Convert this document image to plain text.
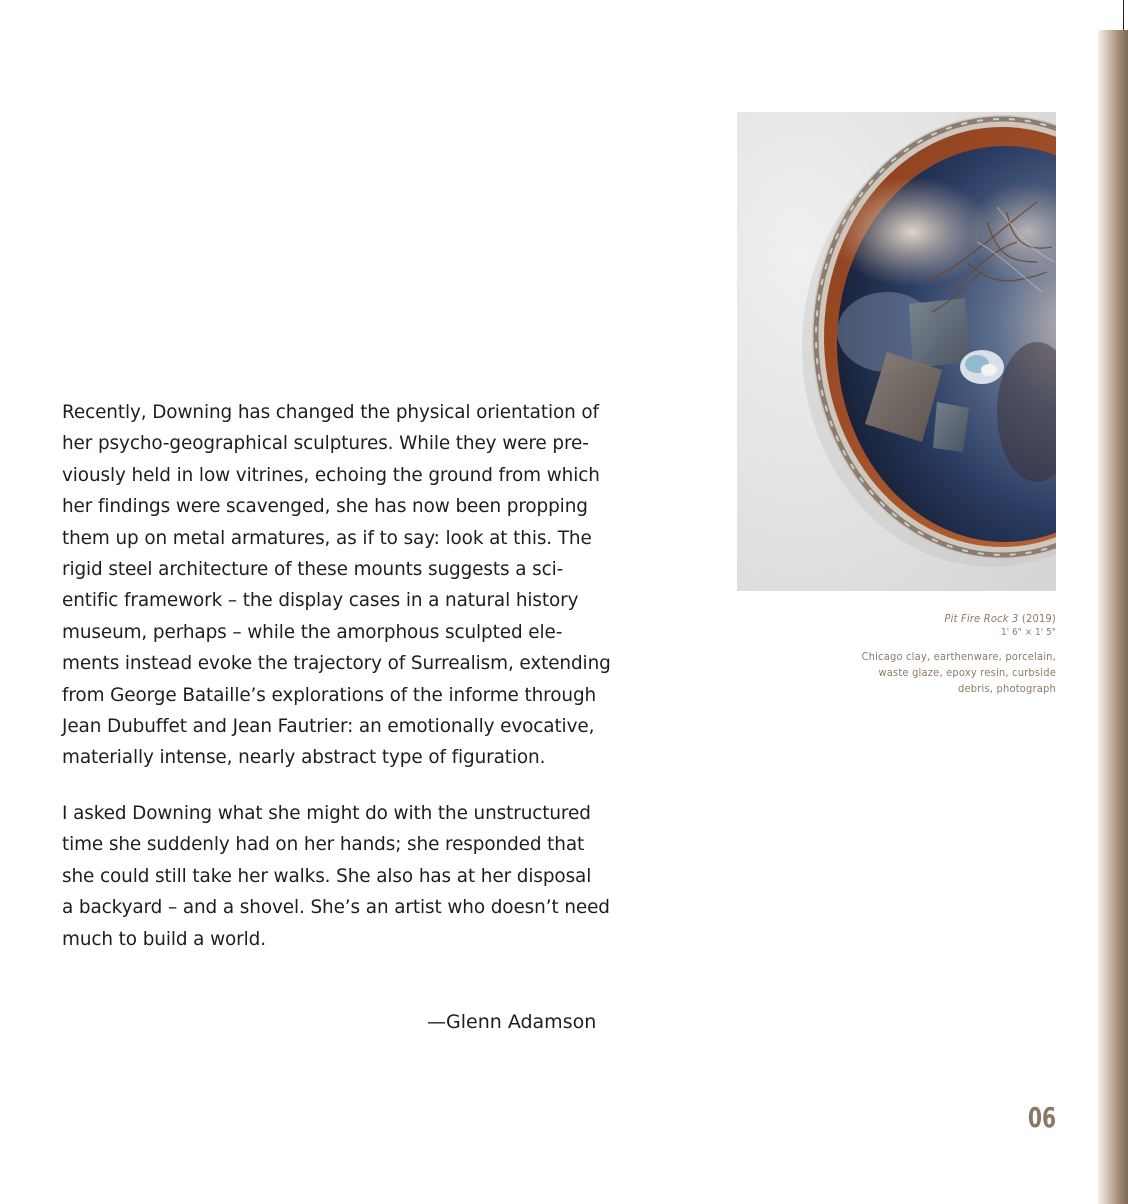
Recently, Downing has changed the physical orientation of
her psycho-geographical sculptures. While they were pre-
viously held in low vitrines, echoing the ground from which
her findings were scavenged, she has now been propping
them up on metal armatures, as if to say: look at this. The
rigid steel architecture of these mounts suggests a sci-
entific framework – the display cases in a natural history
museum, perhaps – while the amorphous sculpted ele-
ments instead evoke the trajectory of Surrealism, extending
from George Bataille’s explorations of the informe through
Jean Dubuffet and Jean Fautrier: an emotionally evocative,
materially intense, nearly abstract type of figuration.
I asked Downing what she might do with the unstructured
time she suddenly had on her hands; she responded that
she could still take her walks. She also has at her disposal
a backyard – and a shovel. She’s an artist who doesn’t need
much to build a world.
—Glenn Adamson
Pit Fire Rock 3 (2019)
1' 6" × 1' 5"
Chicago clay, earthenware, porcelain,
waste glaze, epoxy resin, curbside
debris, photograph
06
